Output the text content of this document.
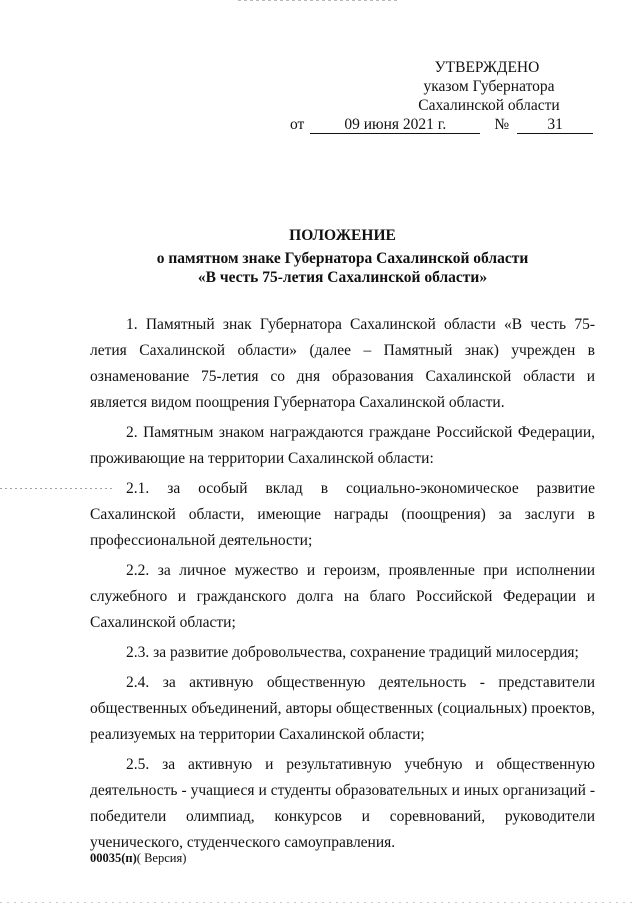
УТВЕРЖДЕНО
указом Губернатора
Сахалинской области
от	09 июня 2021 г.	№	31
ПОЛОЖЕНИЕ
о памятном знаке Губернатора Сахалинской области
«В честь 75-летия Сахалинской области»

1. Памятный знак Губернатора Сахалинской области «В честь 75-летия Сахалинской области» (далее – Памятный знак) учрежден в ознаменование 75-летия со дня образования Сахалинской области и является видом поощрения Губернатора Сахалинской области.

2. Памятным знаком награждаются граждане Российской Федерации, проживающие на территории Сахалинской области:

2.1. за особый вклад в социально-экономическое развитие Сахалинской области, имеющие награды (поощрения) за заслуги в профессиональной деятельности;

2.2. за личное мужество и героизм, проявленные при исполнении служебного и гражданского долга на благо Российской Федерации и Сахалинской области;

2.3. за развитие добровольчества, сохранение традиций милосердия;

2.4. за активную общественную деятельность - представители общественных объединений, авторы общественных (социальных) проектов, реализуемых на территории Сахалинской области;

2.5. за активную и результативную учебную и общественную деятельность - учащиеся и студенты образовательных и иных организаций - победители олимпиад, конкурсов и соревнований, руководители ученического, студенческого самоуправления.

00035(п)( Версия)
